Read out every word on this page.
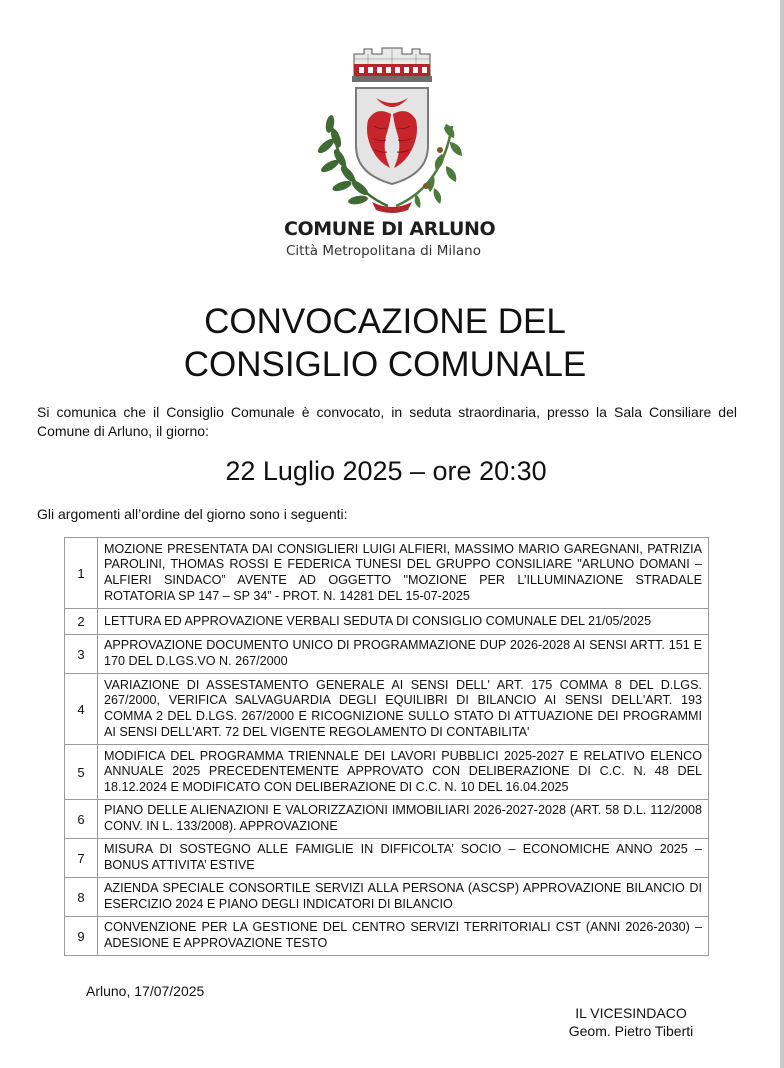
COMUNE DI ARLUNO
Città Metropolitana di Milano
CONVOCAZIONE DEL
CONSIGLIO COMUNALE
Si comunica che il Consiglio Comunale è convocato, in seduta straordinaria, presso la Sala Consiliare del Comune di Arluno, il giorno:
22 Luglio 2025 – ore 20:30
Gli argomenti all’ordine del giorno sono i seguenti:
1	MOZIONE PRESENTATA DAI CONSIGLIERI LUIGI ALFIERI, MASSIMO MARIO GAREGNANI, PATRIZIA PAROLINI, THOMAS ROSSI E FEDERICA TUNESI DEL GRUPPO CONSILIARE "ARLUNO DOMANI – ALFIERI SINDACO” AVENTE AD OGGETTO "MOZIONE PER L’ILLUMINAZIONE STRADALE ROTATORIA SP 147 – SP 34” - PROT. N. 14281 DEL 15-07-2025
2	LETTURA ED APPROVAZIONE VERBALI SEDUTA DI CONSIGLIO COMUNALE DEL 21/05/2025
3	APPROVAZIONE DOCUMENTO UNICO DI PROGRAMMAZIONE DUP 2026-2028 AI SENSI ARTT. 151 E 170 DEL D.LGS.VO N. 267/2000
4	VARIAZIONE DI ASSESTAMENTO GENERALE AI SENSI DELL' ART. 175 COMMA 8 DEL D.LGS. 267/2000, VERIFICA SALVAGUARDIA DEGLI EQUILIBRI DI BILANCIO AI SENSI DELL'ART. 193 COMMA 2 DEL D.LGS. 267/2000 E RICOGNIZIONE SULLO STATO DI ATTUAZIONE DEI PROGRAMMI AI SENSI DELL'ART. 72 DEL VIGENTE REGOLAMENTO DI CONTABILITA'
5	MODIFICA DEL PROGRAMMA TRIENNALE DEI LAVORI PUBBLICI 2025-2027 E RELATIVO ELENCO ANNUALE 2025 PRECEDENTEMENTE APPROVATO CON DELIBERAZIONE DI C.C. N. 48 DEL 18.12.2024 E MODIFICATO CON DELIBERAZIONE DI C.C. N. 10 DEL 16.04.2025
6	PIANO DELLE ALIENAZIONI E VALORIZZAZIONI IMMOBILIARI 2026-2027-2028 (ART. 58 D.L. 112/2008 CONV. IN L. 133/2008). APPROVAZIONE
7	MISURA DI SOSTEGNO ALLE FAMIGLIE IN DIFFICOLTA’ SOCIO – ECONOMICHE ANNO 2025 – BONUS ATTIVITA’ ESTIVE
8	AZIENDA SPECIALE CONSORTILE SERVIZI ALLA PERSONA (ASCSP) APPROVAZIONE BILANCIO DI ESERCIZIO 2024 E PIANO DEGLI INDICATORI DI BILANCIO
9	CONVENZIONE PER LA GESTIONE DEL CENTRO SERVIZI TERRITORIALI CST (ANNI 2026-2030) – ADESIONE E APPROVAZIONE TESTO
Arluno, 17/07/2025
IL VICESINDACO
Geom. Pietro Tiberti
